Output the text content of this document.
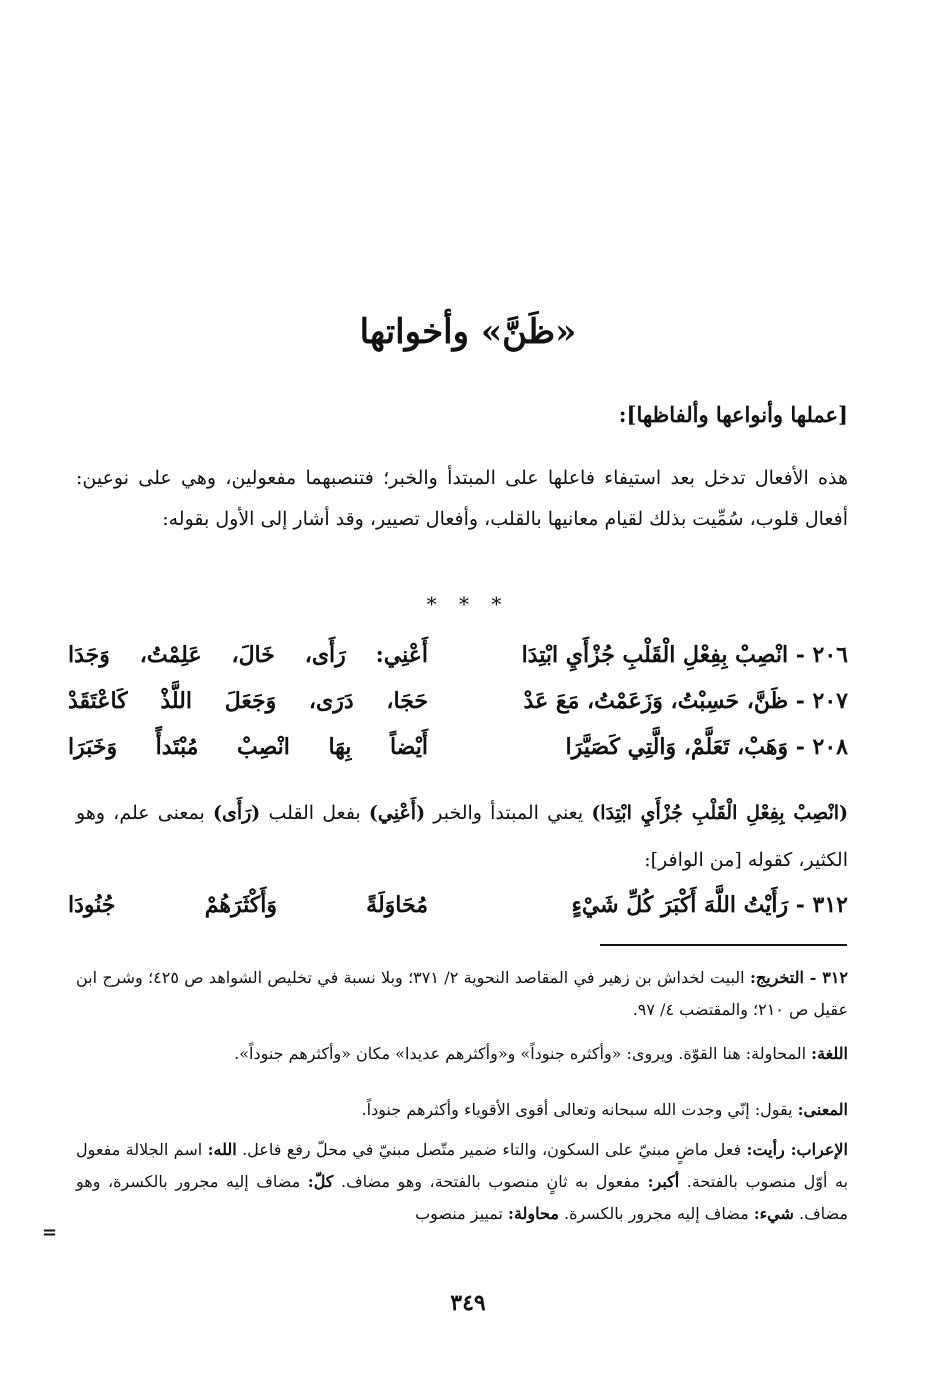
«ظَنَّ» وأخواتها
[عملها وأنواعها وألفاظها]:
هذه الأفعال تدخل بعد استيفاء فاعلها على المبتدأ والخبر؛ فتنصبهما مفعولين، وهي على نوعين: أفعال قلوب، سُمِّيت بذلك لقيام معانيها بالقلب، وأفعال تصيير، وقد أشار إلى الأول بقوله:
* * *
٢٠٦ - انْصِبْ بِفِعْلِ الْقَلْبِ جُزْأَيِ ابْتِدَا
أَعْنِي: رَأَى، خَالَ، عَلِمْتُ، وَجَدَا
٢٠٧ - ظَنَّ، حَسِبْتُ، وَزَعَمْتُ، مَعَ عَدْ
حَجَا، دَرَى، وَجَعَلَ اللَّذْ كَاعْتَقَدْ
٢٠٨ - وَهَبْ، تَعَلَّمْ، وَالَّتِي كَصَيَّرَا
أَيْضاً بِهَا انْصِبْ مُبْتَدأً وَخَبَرَا
(انْصِبْ بِفِعْلِ الْقَلْبِ جُزْأَيِ ابْتِدَا) يعني المبتدأ والخبر (أَعْنِي) بفعل القلب (رَأَى) بمعنى علم، وهو الكثير، كقوله [من الوافر]:
٣١٢ - رَأَيْتُ اللَّهَ أَكْبَرَ كُلِّ شَيْءٍ
مُحَاوَلَةً وَأَكْثَرَهُمْ جُنُودَا
٣١٢ - التخريج: البيت لخداش بن زهير في المقاصد النحوية ٢/ ٣٧١؛ وبلا نسبة في تخليص الشواهد ص ٤٢٥؛ وشرح ابن عقيل ص ٢١٠؛ والمقتضب ٤/ ٩٧.
اللغة: المحاولة: هنا القوّة. ويروى: «وأكثره جنوداً» و«وأكثرهم عديدا» مكان «وأكثرهم جنوداً».
المعنى: يقول: إنّي وجدت الله سبحانه وتعالى أقوى الأقوياء وأكثرهم جنوداً.
الإعراب: رأيت: فعل ماضٍ مبنيّ على السكون، والتاء ضمير متّصل مبنيّ في محلّ رفع فاعل. الله: اسم الجلالة مفعول به أوّل منصوب بالفتحة. أكبر: مفعول به ثانٍ منصوب بالفتحة، وهو مضاف. كلّ: مضاف إليه مجرور بالكسرة، وهو مضاف. شيء: مضاف إليه مجرور بالكسرة. محاولة: تمييز منصوب
=
٣٤٩
